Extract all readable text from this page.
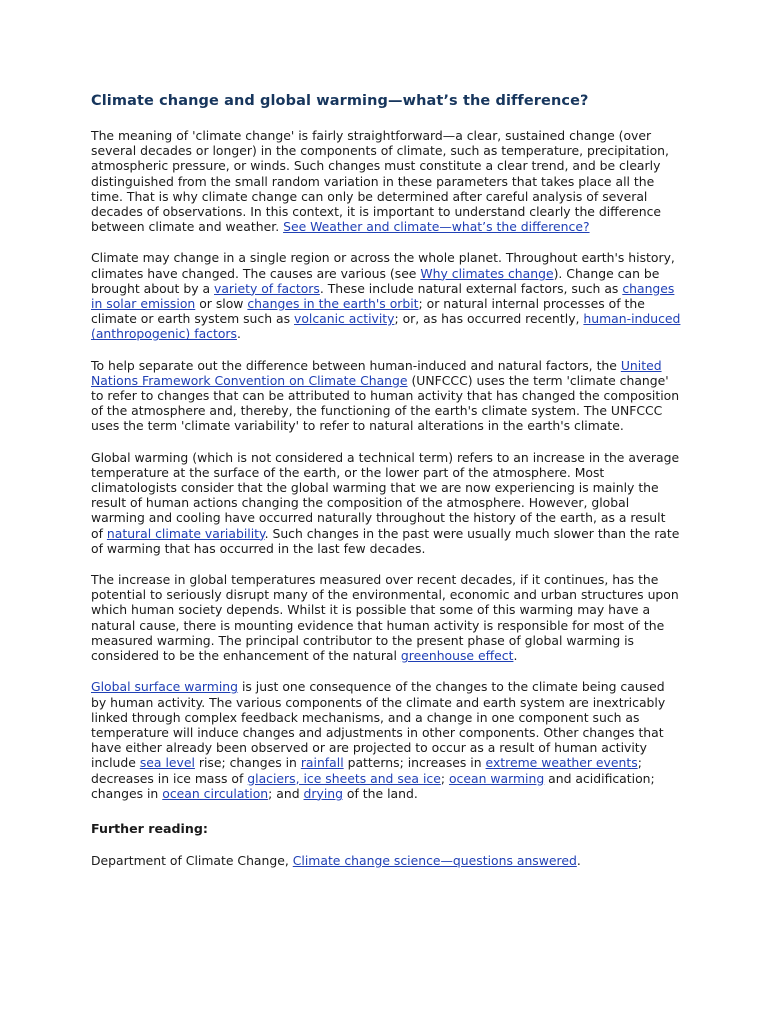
Climate change and global warming—what’s the difference?

The meaning of 'climate change' is fairly straightforward—a clear, sustained change (over several decades or longer) in the components of climate, such as temperature, precipitation, atmospheric pressure, or winds. Such changes must constitute a clear trend, and be clearly distinguished from the small random variation in these parameters that takes place all the time. That is why climate change can only be determined after careful analysis of several decades of observations. In this context, it is important to understand clearly the difference between climate and weather. See Weather and climate—what’s the difference?

Climate may change in a single region or across the whole planet. Throughout earth's history, climates have changed. The causes are various (see Why climates change). Change can be brought about by a variety of factors. These include natural external factors, such as changes in solar emission or slow changes in the earth's orbit; or natural internal processes of the climate or earth system such as volcanic activity; or, as has occurred recently, human-induced (anthropogenic) factors.

To help separate out the difference between human-induced and natural factors, the United Nations Framework Convention on Climate Change (UNFCCC) uses the term 'climate change' to refer to changes that can be attributed to human activity that has changed the composition of the atmosphere and, thereby, the functioning of the earth's climate system. The UNFCCC uses the term 'climate variability' to refer to natural alterations in the earth's climate.

Global warming (which is not considered a technical term) refers to an increase in the average temperature at the surface of the earth, or the lower part of the atmosphere. Most climatologists consider that the global warming that we are now experiencing is mainly the result of human actions changing the composition of the atmosphere. However, global warming and cooling have occurred naturally throughout the history of the earth, as a result of natural climate variability. Such changes in the past were usually much slower than the rate of warming that has occurred in the last few decades.

The increase in global temperatures measured over recent decades, if it continues, has the potential to seriously disrupt many of the environmental, economic and urban structures upon which human society depends. Whilst it is possible that some of this warming may have a natural cause, there is mounting evidence that human activity is responsible for most of the measured warming. The principal contributor to the present phase of global warming is considered to be the enhancement of the natural greenhouse effect.

Global surface warming is just one consequence of the changes to the climate being caused by human activity. The various components of the climate and earth system are inextricably linked through complex feedback mechanisms, and a change in one component such as temperature will induce changes and adjustments in other components. Other changes that have either already been observed or are projected to occur as a result of human activity include sea level rise; changes in rainfall patterns; increases in extreme weather events; decreases in ice mass of glaciers, ice sheets and sea ice; ocean warming and acidification; changes in ocean circulation; and drying of the land.

Further reading:

Department of Climate Change, Climate change science—questions answered.
